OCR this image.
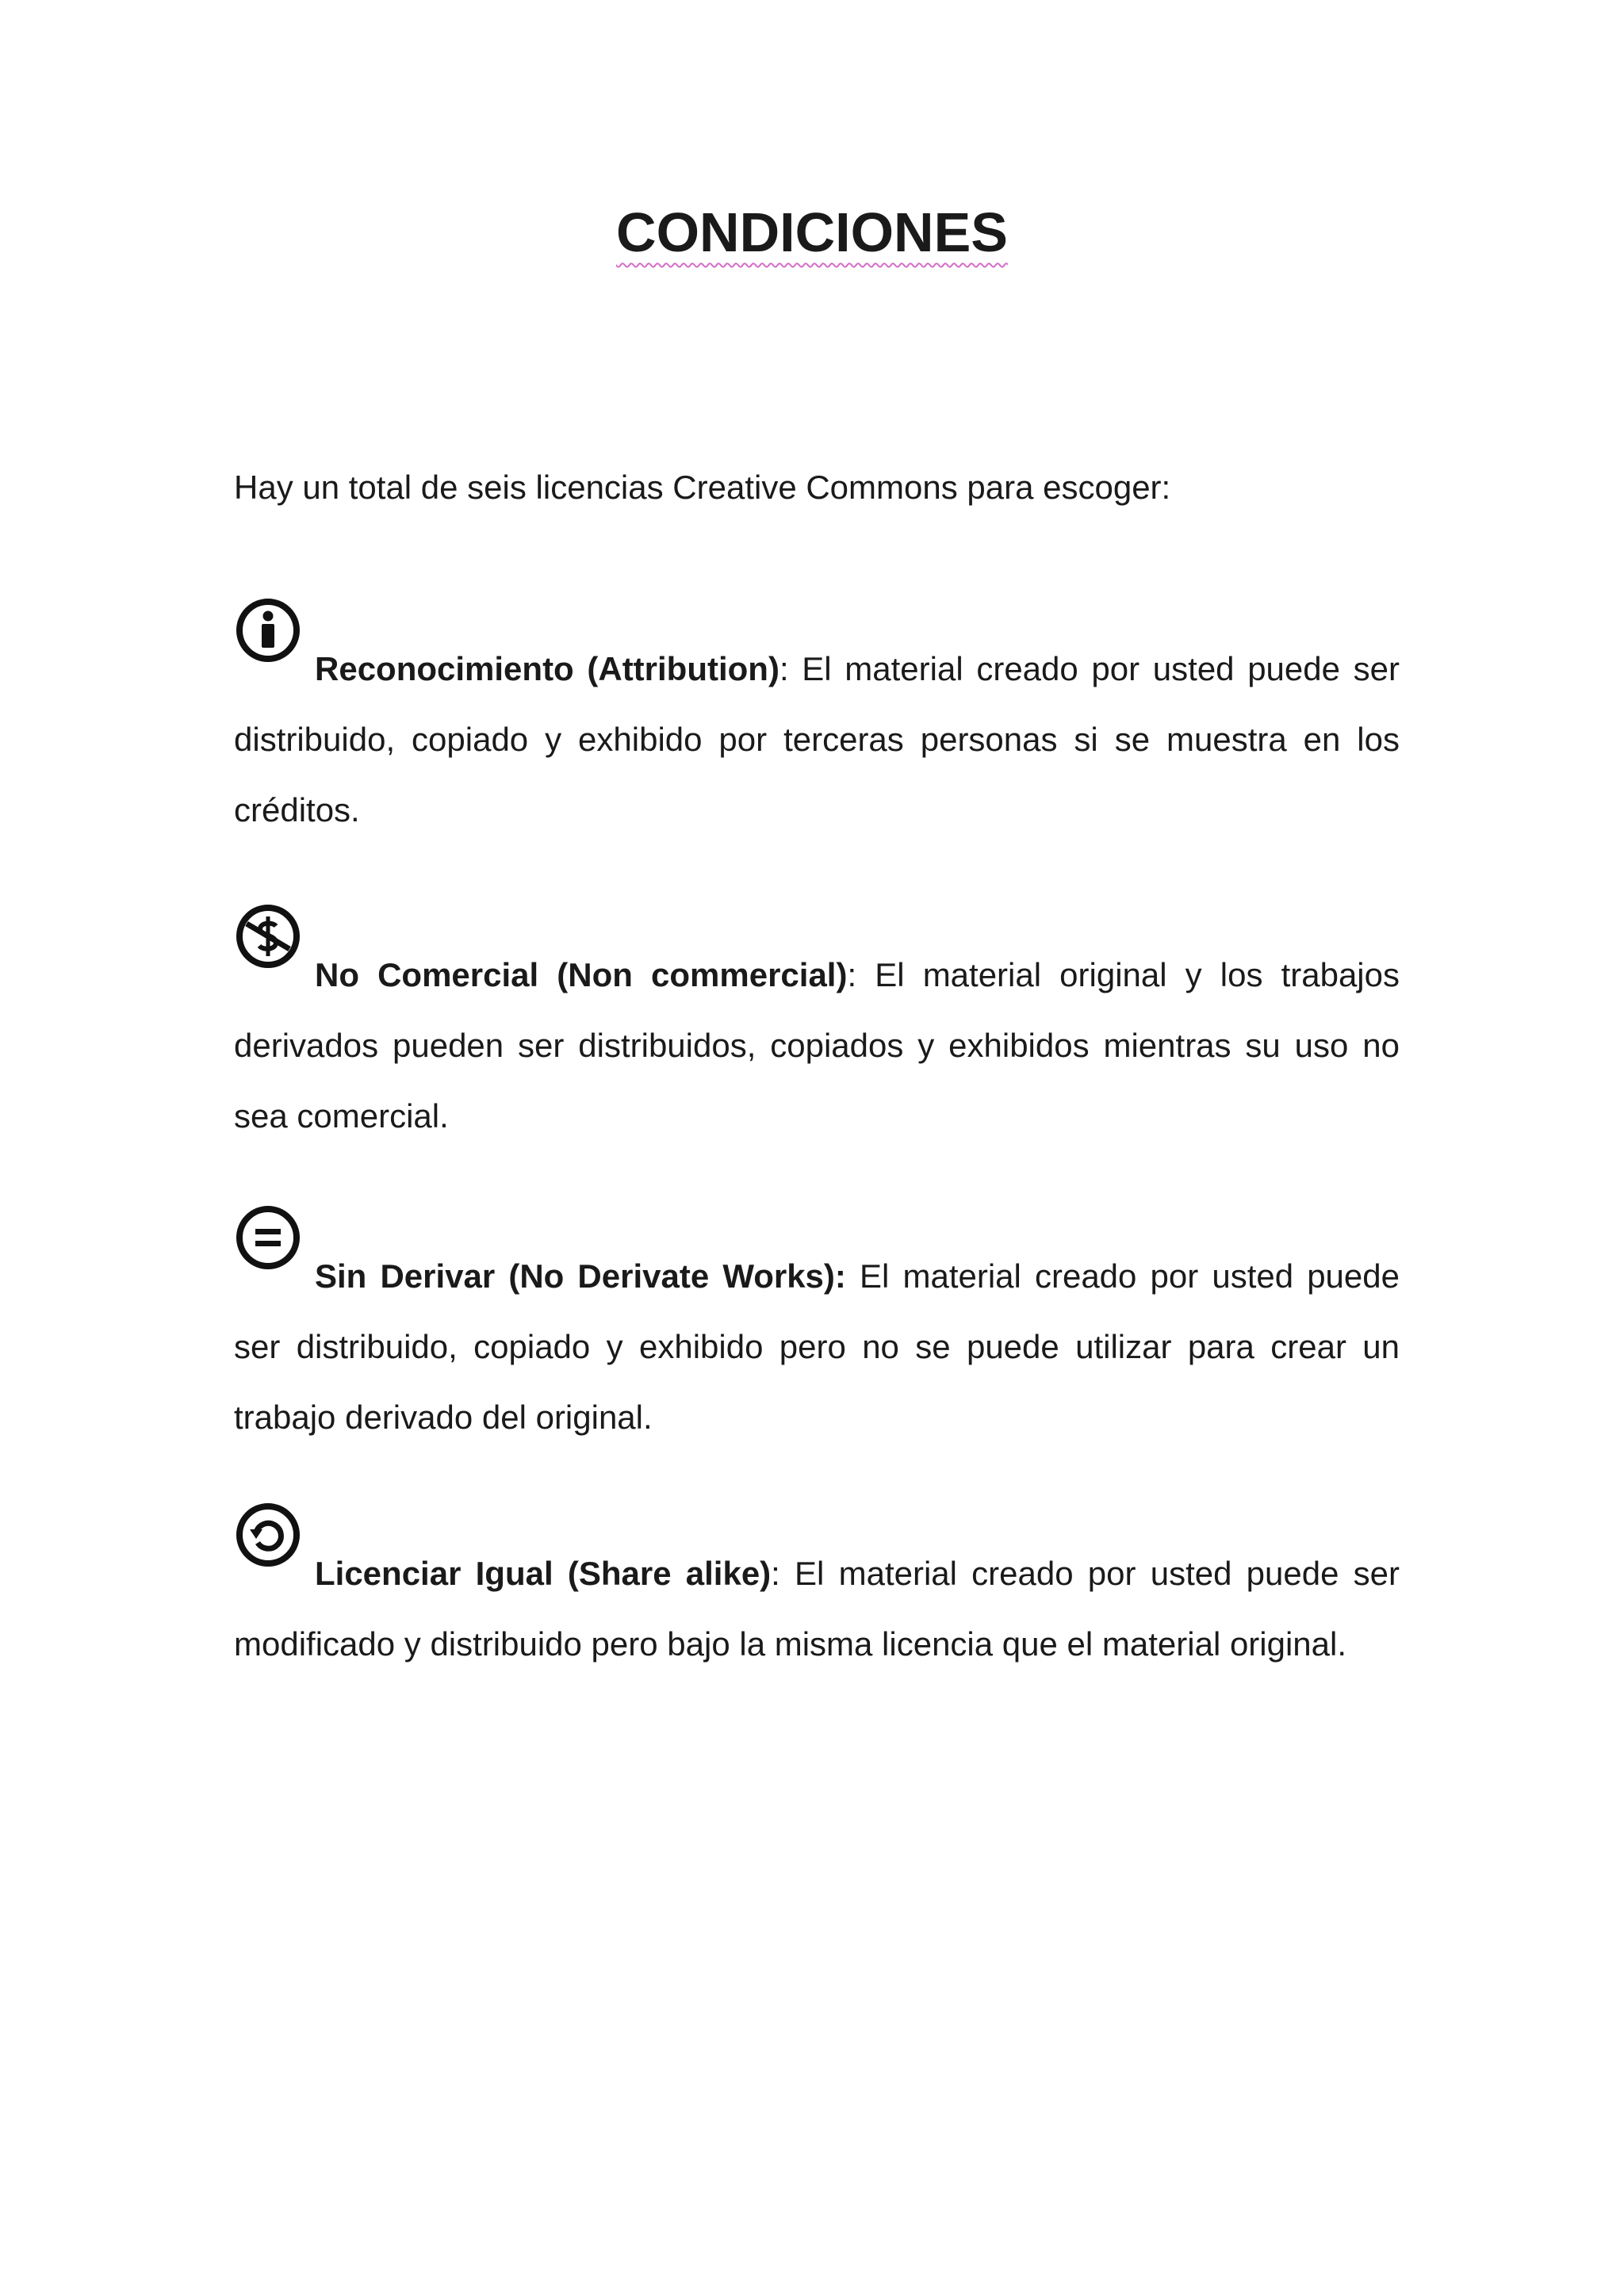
CONDICIONES

Hay un total de seis licencias Creative Commons para escoger:

Reconocimiento (Attribution): El material creado por usted puede ser distribuido, copiado y exhibido por terceras personas si se muestra en los créditos.

No Comercial (Non commercial): El material original y los trabajos derivados pueden ser distribuidos, copiados y exhibidos mientras su uso no sea comercial.

Sin Derivar (No Derivate Works): El material creado por usted puede ser distribuido, copiado y exhibido pero no se puede utilizar para crear un trabajo derivado del original.

Licenciar Igual (Share alike): El material creado por usted puede ser modificado y distribuido pero bajo la misma licencia que el material original.
